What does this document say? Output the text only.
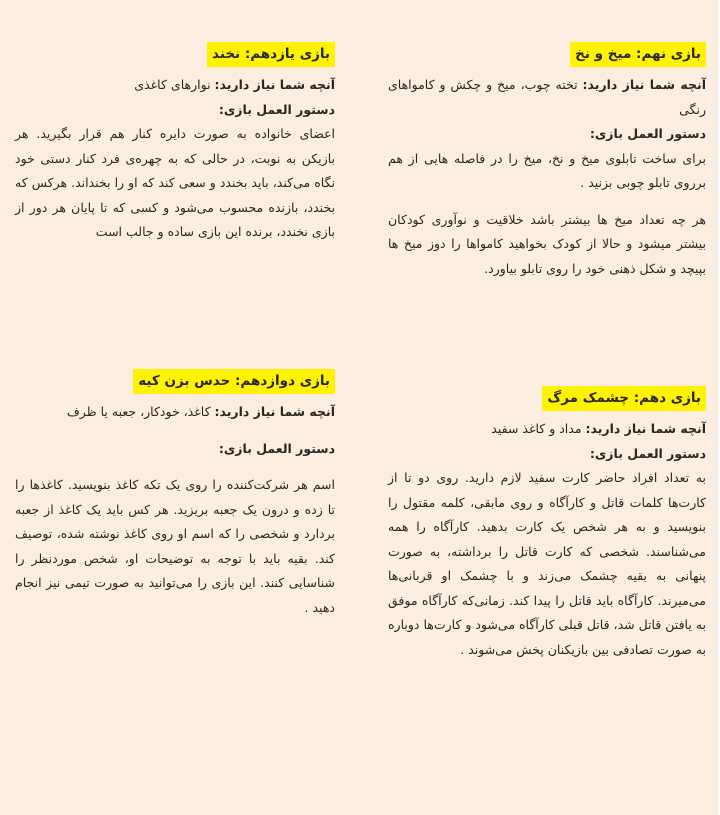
بازی نهم: میخ و نخ

آنچه شما نیاز دارید: تخته چوب، میخ و چکش و کامواهای رنگی

دستور العمل بازی:

برای ساخت تابلوی میخ و نخ، میخ را در فاصله هایی از هم برروی تابلو چوبی بزنید .

هر چه تعداد میخ ها بیشتر باشد خلاقیت و نوآوری کودکان بیشتر میشود و حالا از کودک بخواهید کامواها را دوز میخ ها بپیچد و شکل ذهنی خود را روی تابلو بیاورد.

بازی یازدهم: نخند

آنچه شما نیاز دارید: نوارهای کاغذی

دستور العمل بازی:

اعضای خانواده به صورت دایره کنار هم قرار بگیرید. هر بازیکن به نوبت، در حالی که به چهره‌ی فرد کنار دستی خود نگاه می‌کند، باید بخندد و سعی کند که او را بخنداند. هرکس که بخندد، بازنده محسوب می‌شود و کسی که تا پایان هر دور از بازی نخندد، برنده این بازی ساده و جالب است

بازی دهم: چشمک مرگ

آنچه شما نیاز دارید: مداد و کاغذ سفید

دستور العمل بازی:

به تعداد افراد حاضر کارت سفید لازم دارید. روی دو تا از کارت‌ها کلمات قاتل و کارآگاه و روی مابقی، کلمه مقتول را بنویسید و به هر شخص یک کارت بدهید. کارآگاه را همه می‌شناسند. شخصی که کارت قاتل را برداشته، به صورت پنهانی به بقیه چشمک می‌زند و با چشمک او قربانی‌ها می‌میرند. کارآگاه باید قاتل را پیدا کند. زمانی‌که کارآگاه موفق به یافتن قاتل شد، قاتل قبلی کارآگاه می‌شود و کارت‌ها دوباره به صورت تصادفی بین بازیکنان پخش می‌شوند .

بازی دوازدهم: حدس بزن کیه

آنچه شما نیاز دارید: کاغذ، خودکار، جعبه یا ظرف

دستور العمل بازی:

اسم هر شرکت‌کننده را روی یک تکه کاغذ بنویسید. کاغذها را تا زده و درون یک جعبه بریزید. هر کس باید یک کاغذ از جعبه بردارد و شخصی را که اسم او روی کاغذ نوشته شده، توصیف کند. بقیه باید با توجه به توضیحات او، شخص موردنظر را شناسایی کنند. این بازی را می‌توانید به صورت تیمی نیز انجام دهید .
